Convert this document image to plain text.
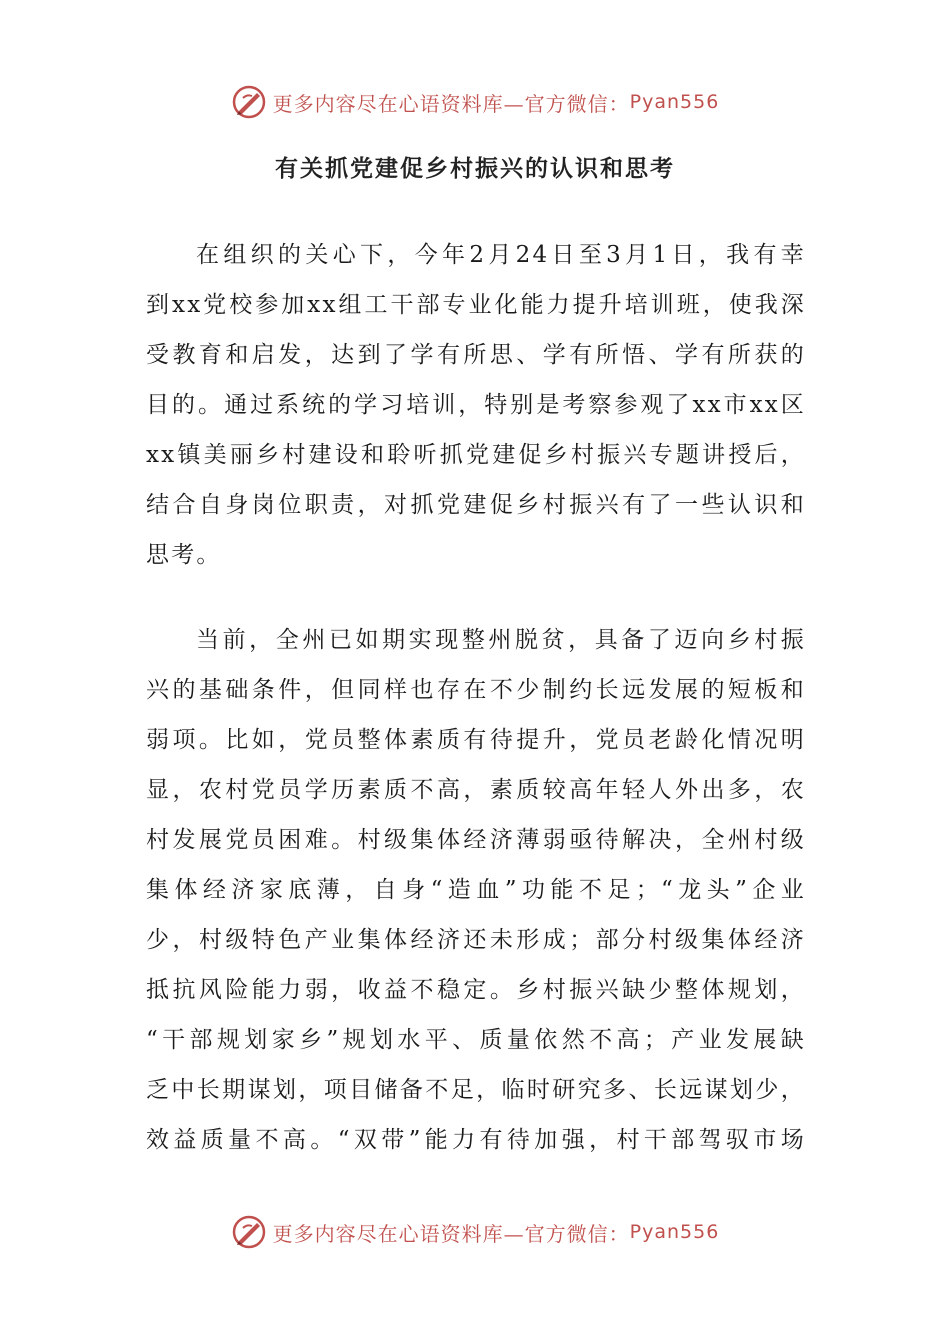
更多内容尽在心语资料库—官方微信： Pyan556
有关抓党建促乡村振兴的认识和思考
在组织的关心下，今年2月24日至3月1日，我有幸
到xx党校参加xx组工干部专业化能力提升培训班，使我深
受教育和启发，达到了学有所思、学有所悟、学有所获的
目的。通过系统的学习培训，特别是考察参观了xx市xx区
xx镇美丽乡村建设和聆听抓党建促乡村振兴专题讲授后，
结合自身岗位职责，对抓党建促乡村振兴有了一些认识和
思考。
当前，全州已如期实现整州脱贫，具备了迈向乡村振
兴的基础条件，但同样也存在不少制约长远发展的短板和
弱项。比如，党员整体素质有待提升，党员老龄化情况明
显，农村党员学历素质不高，素质较高年轻人外出多，农
村发展党员困难。村级集体经济薄弱亟待解决，全州村级
集体经济家底薄，自身“造血”功能不足；“龙头”企业
少，村级特色产业集体经济还未形成；部分村级集体经济
抵抗风险能力弱，收益不稳定。乡村振兴缺少整体规划，
“干部规划家乡”规划水平、质量依然不高；产业发展缺
乏中长期谋划，项目储备不足，临时研究多、长远谋划少，
效益质量不高。“双带”能力有待加强，村干部驾驭市场
更多内容尽在心语资料库—官方微信： Pyan556
